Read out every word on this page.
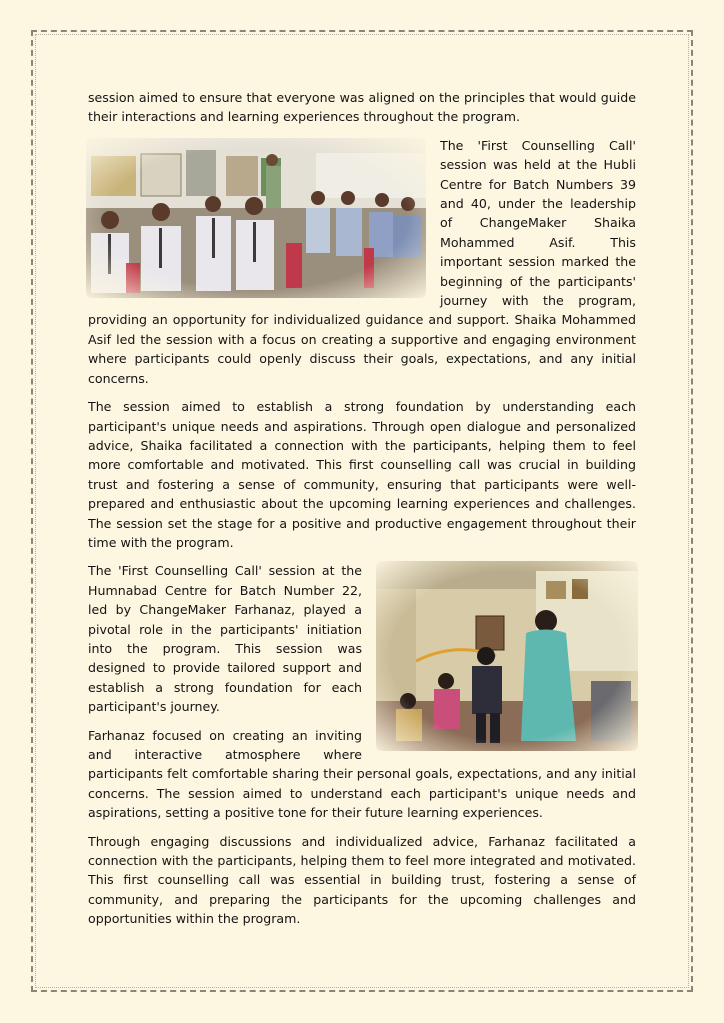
session aimed to ensure that everyone was aligned on the principles that would guide their interactions and learning experiences throughout the program.

The 'First Counselling Call' session was held at the Hubli Centre for Batch Numbers 39 and 40, under the leadership of ChangeMaker Shaika Mohammed Asif. This important session marked the beginning of the participants' journey with the program, providing an opportunity for individualized guidance and support. Shaika Mohammed Asif led the session with a focus on creating a supportive and engaging environment where participants could openly discuss their goals, expectations, and any initial concerns.

The session aimed to establish a strong foundation by understanding each participant's unique needs and aspirations. Through open dialogue and personalized advice, Shaika facilitated a connection with the participants, helping them to feel more comfortable and motivated. This first counselling call was crucial in building trust and fostering a sense of community, ensuring that participants were well-prepared and enthusiastic about the upcoming learning experiences and challenges. The session set the stage for a positive and productive engagement throughout their time with the program.

The 'First Counselling Call' session at the Humnabad Centre for Batch Number 22, led by ChangeMaker Farhanaz, played a pivotal role in the participants' initiation into the program. This session was designed to provide tailored support and establish a strong foundation for each participant's journey.

Farhanaz focused on creating an inviting and interactive atmosphere where participants felt comfortable sharing their personal goals, expectations, and any initial concerns. The session aimed to understand each participant's unique needs and aspirations, setting a positive tone for their future learning experiences.

Through engaging discussions and individualized advice, Farhanaz facilitated a connection with the participants, helping them to feel more integrated and motivated. This first counselling call was essential in building trust, fostering a sense of community, and preparing the participants for the upcoming challenges and opportunities within the program.
